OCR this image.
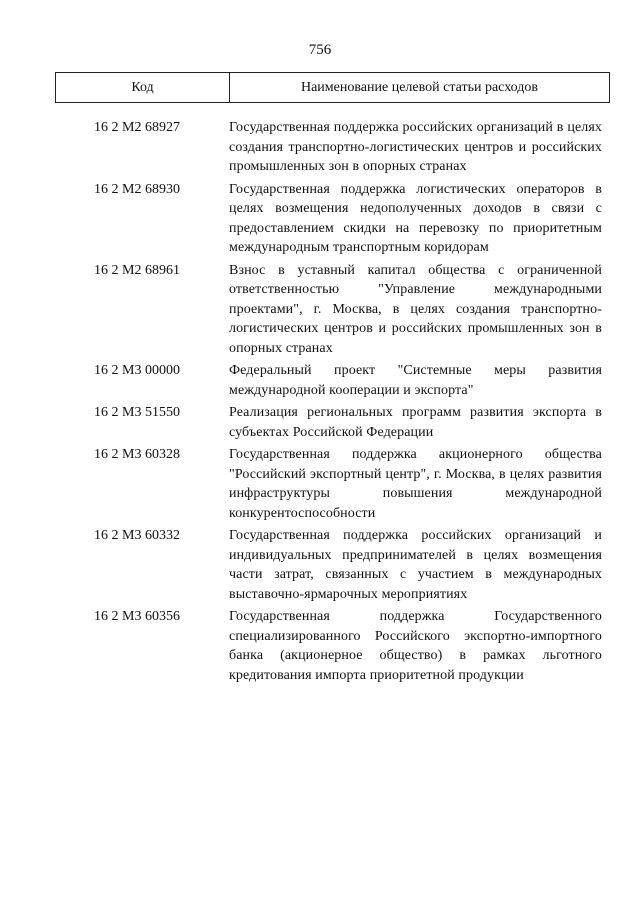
756
Код	Наименование целевой статьи расходов
16 2 M2 68927	Государственная поддержка российских организаций в целях создания транспортно-логистических центров и российских промышленных зон в опорных странах
16 2 M2 68930	Государственная поддержка логистических операторов в целях возмещения недополученных доходов в связи с предоставлением скидки на перевозку по приоритетным международным транспортным коридорам
16 2 M2 68961	Взнос в уставный капитал общества с ограниченной ответственностью "Управление международными проектами", г. Москва, в целях создания транспортно-логистических центров и российских промышленных зон в опорных странах
16 2 M3 00000	Федеральный проект "Системные меры развития международной кооперации и экспорта"
16 2 M3 51550	Реализация региональных программ развития экспорта в субъектах Российской Федерации
16 2 M3 60328	Государственная поддержка акционерного общества "Российский экспортный центр", г. Москва, в целях развития инфраструктуры повышения международной конкурентоспособности
16 2 M3 60332	Государственная поддержка российских организаций и индивидуальных предпринимателей в целях возмещения части затрат, связанных с участием в международных выставочно-ярмарочных мероприятиях
16 2 M3 60356	Государственная поддержка Государственного специализированного Российского экспортно-импортного банка (акционерное общество) в рамках льготного кредитования импорта приоритетной продукции
